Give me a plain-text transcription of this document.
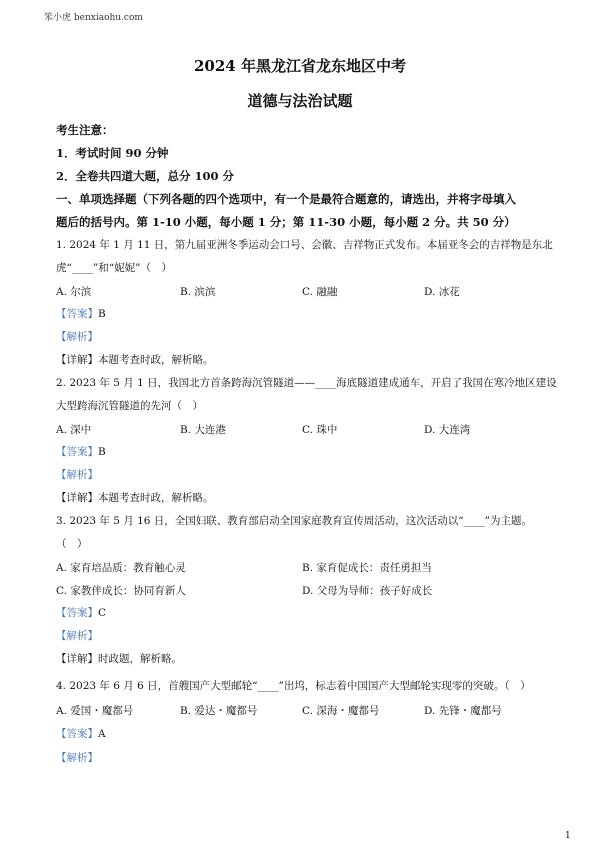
笨小虎 benxiaohu.com
2024 年黑龙江省龙东地区中考
道德与法治试题
考生注意：
1．考试时间 90 分钟
2．全卷共四道大题，总分 100 分
一、单项选择题（下列各题的四个选项中，有一个是最符合题意的，请选出，并将字母填入
题后的括号内。第 1-10 小题，每小题 1 分；第 11-30 小题，每小题 2 分。共 50 分）
1. 2024 年 1 月 11 日，第九届亚洲冬季运动会口号、会徽、吉祥物正式发布。本届亚冬会的吉祥物是东北
虎“____”和“妮妮”（　）
A. 尔滨	B. 滨滨	C. 融融	D. 冰花
【答案】B
【解析】
【详解】本题考查时政，解析略。
2. 2023 年 5 月 1 日，我国北方首条跨海沉管隧道——____海底隧道建成通车，开启了我国在寒冷地区建设
大型跨海沉管隧道的先河（　）
A. 深中	B. 大连港	C. 珠中	D. 大连湾
【答案】B
【解析】
【详解】本题考查时政，解析略。
3. 2023 年 5 月 16 日，全国妇联、教育部启动全国家庭教育宣传周活动，这次活动以“____”为主题。
（　）
A. 家育培品质：教育触心灵	B. 家育促成长：责任勇担当
C. 家教伴成长：协同育新人	D. 父母为导师：孩子好成长
【答案】C
【解析】
【详解】时政题，解析略。
4. 2023 年 6 月 6 日，首艘国产大型邮轮“____”出坞，标志着中国国产大型邮轮实现零的突破。（　）
A. 爱国・魔都号	B. 爱达・魔都号	C. 深海・魔都号	D. 先锋・魔都号
【答案】A
【解析】
1
